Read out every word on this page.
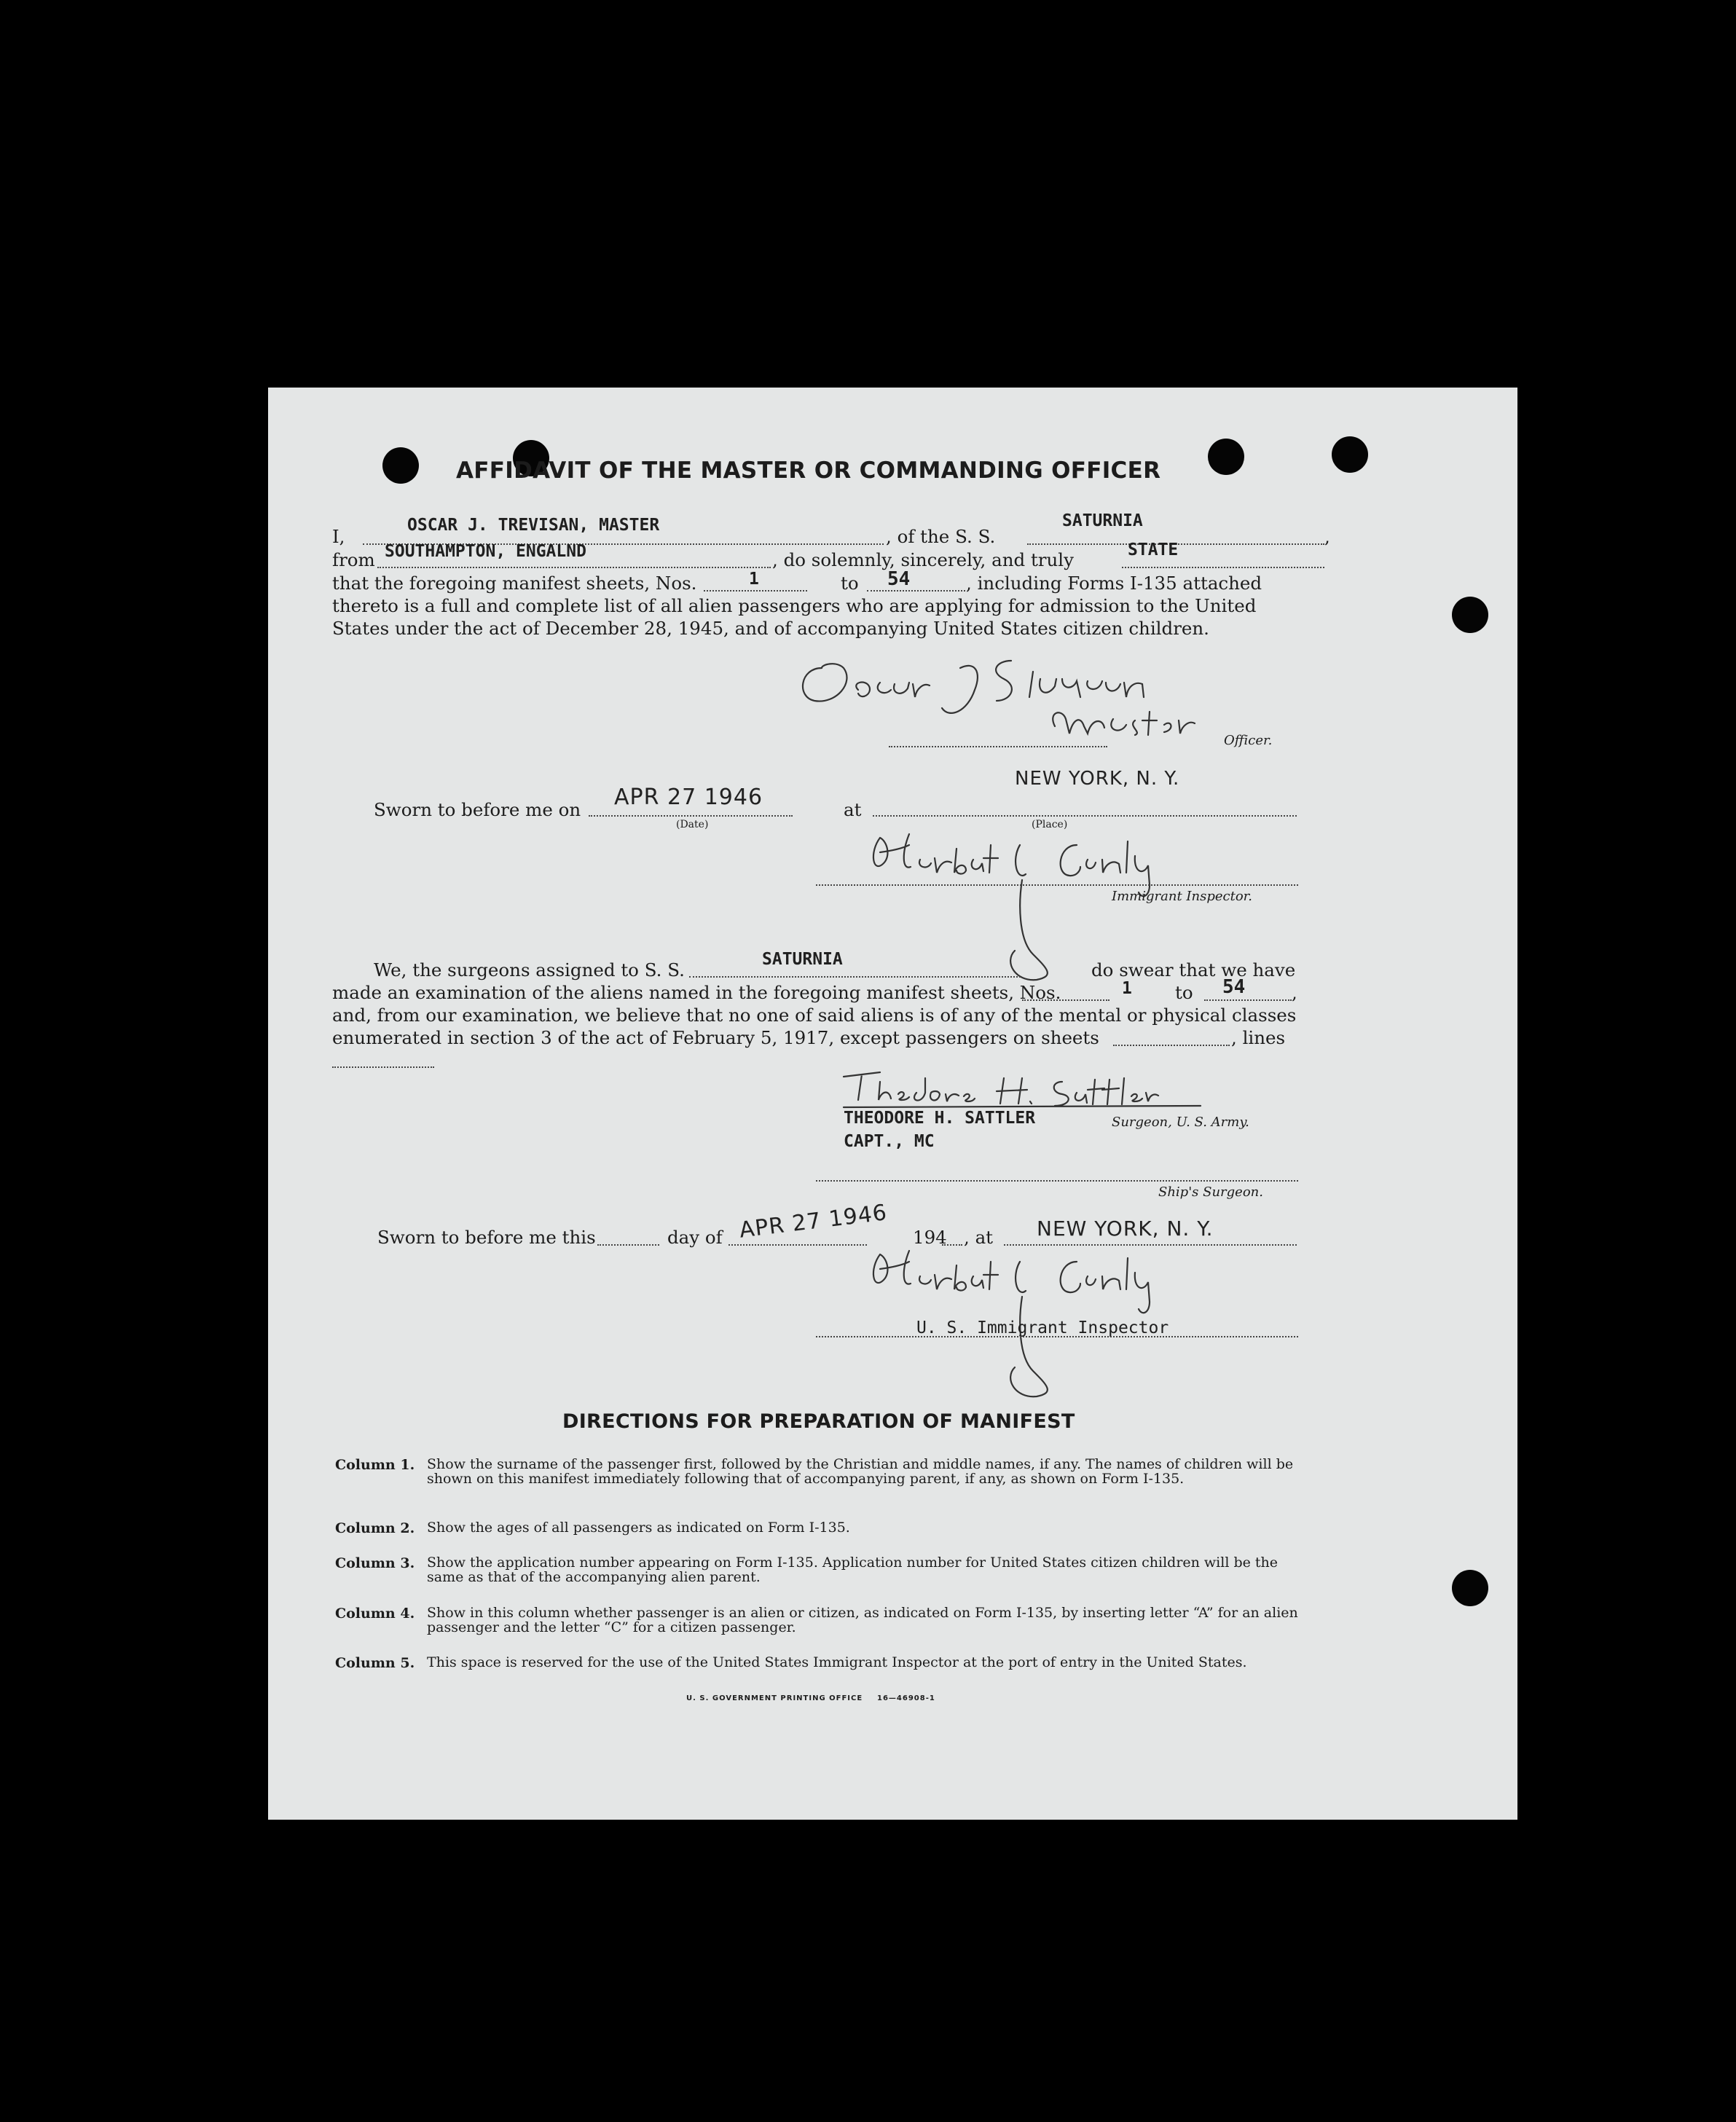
AFFIDAVIT OF THE MASTER OR COMMANDING OFFICER
I,
OSCAR J. TREVISAN, MASTER
, of the S. S.
SATURNIA
,
from SOUTHAMPTON, ENGALND	, do solemnly, sincerely, and truly	STATE
that the foregoing manifest sheets, Nos.	1	to 54	, including Forms I-135 attached
thereto is a full and complete list of all alien passengers who are applying for admission to the United
States under the act of December 28, 1945, and of accompanying United States citizen children.
Officer.
Sworn to before me on APR 27 1946
(Date)
at
NEW YORK, N. Y.
(Place)
Immigrant Inspector.
We, the surgeons assigned to S. S.	SATURNIA	do swear that we have
made an examination of the aliens named in the foregoing manifest sheets, Nos.	1 to 54	,
and, from our examination, we believe that no one of said aliens is of any of the mental or physical classes
enumerated in section 3 of the act of February 5, 1917, except passengers on sheets	, lines
THEODORE H. SATTLER	Surgeon, U. S. Army.
CAPT., MC
Ship's Surgeon.
Sworn to before me this	day of APR 27 1946 194 , at NEW YORK, N. Y.
U. S. Immigrant Inspector
DIRECTIONS FOR PREPARATION OF MANIFEST
Column 1. Show the surname of the passenger first, followed by the Christian and middle names, if any. The names of children will be shown on this manifest immediately following that of accompanying parent, if any, as shown on Form I-135.
Column 2. Show the ages of all passengers as indicated on Form I-135.
Column 3. Show the application number appearing on Form I-135. Application number for United States citizen children will be the same as that of the accompanying alien parent.
Column 4. Show in this column whether passenger is an alien or citizen, as indicated on Form I-135, by inserting letter “A” for an alien passenger and the letter “C” for a citizen passenger.
Column 5. This space is reserved for the use of the United States Immigrant Inspector at the port of entry in the United States.
U. S. GOVERNMENT PRINTING OFFICE 16—46908-1
